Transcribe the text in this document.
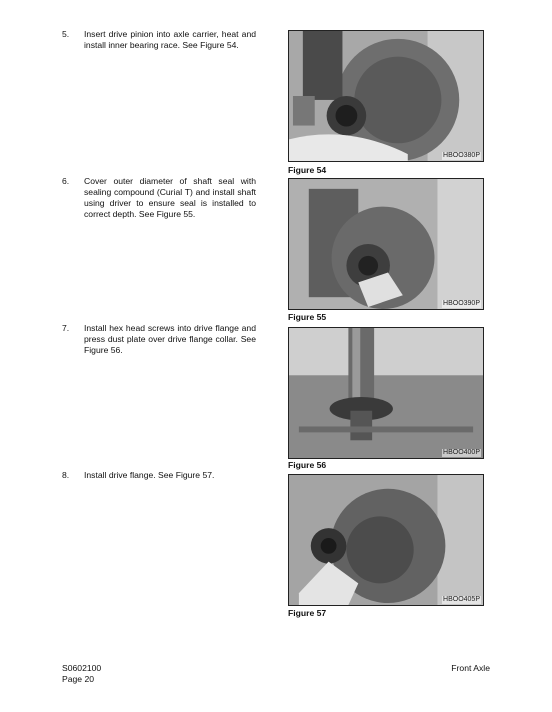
5.	Insert drive pinion into axle carrier, heat and install inner bearing race. See Figure 54.
6.	Cover outer diameter of shaft seal with sealing compound (Curial T) and install shaft using driver to ensure seal is installed to correct depth. See Figure 55.
7.	Install hex head screws into drive flange and press dust plate over drive flange collar. See Figure 56.
8.	Install drive flange. See Figure 57.
HBOO380P
Figure 54
HBOO390P
Figure 55
HBOO400P
Figure 56
HBOO405P
Figure 57
S0602100
Page 20
Front Axle
